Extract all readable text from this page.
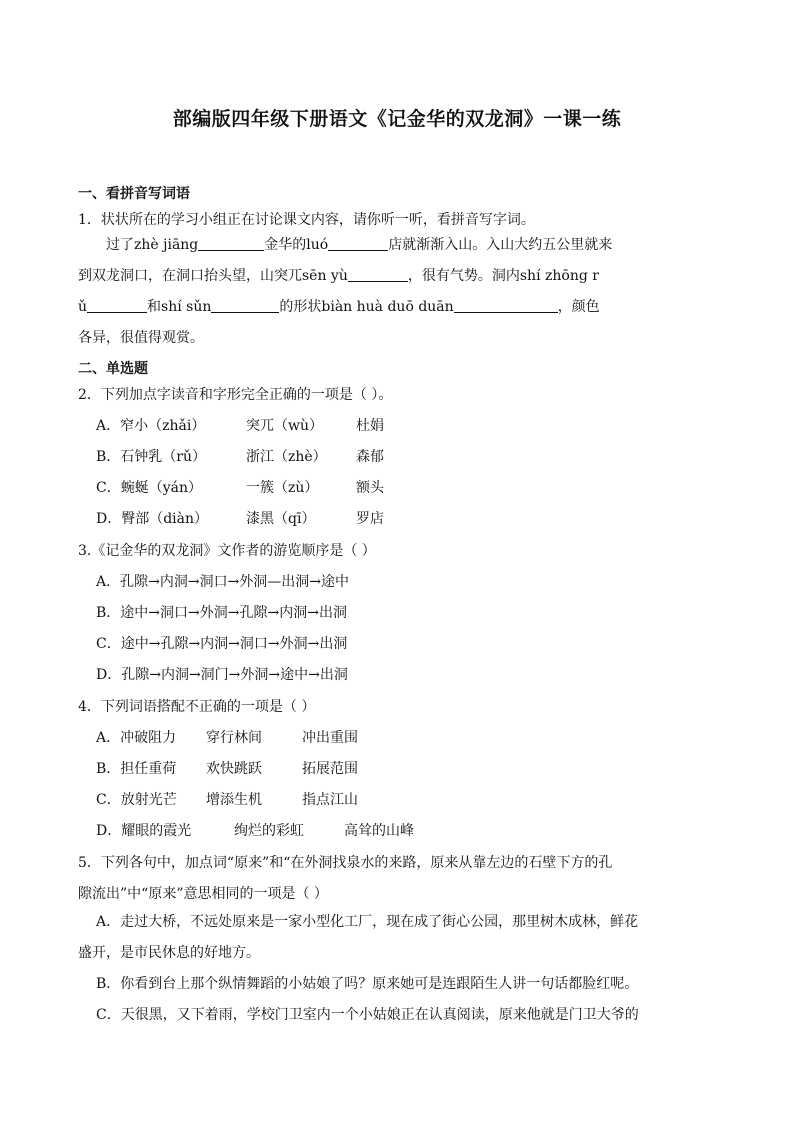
部编版四年级下册语文《记金华的双龙洞》一课一练
一、看拼音写词语
1．状状所在的学习小组正在讨论课文内容，请你听一听，看拼音写字词。
过了zhè jiāng	金华的luó	店就渐渐入山。入山大约五公里就来
到双龙洞口，在洞口抬头望，山突兀sēn yù	，很有气势。洞内shí zhōng r
ǔ	和shí sǔn	的形状biàn huà duō duān	，颜色
各异，很值得观赏。
二、单选题
2．下列加点字读音和字形完全正确的一项是（ ）。
A．窄小（zhǎi）	突兀（wù） 杜娟
B．石钟乳（rǔ）	浙江（zhè） 森郁
C．蜿蜒（yán）	一簇（zù）	额头
D．臀部（diàn）	漆黑（qī）	罗店
3.《记金华的双龙洞》文作者的游览顺序是（ ）
A．孔隙→内洞→洞口→外洞—出洞→途中
B．途中→洞口→外洞→孔隙→内洞→出洞
C．途中→孔隙→内洞→洞口→外洞→出洞
D．孔隙→内洞→洞门→外洞→途中→出洞
4．下列词语搭配不正确的一项是（ ）
A．冲破阻力 穿行林间	冲出重围
B．担任重荷 欢快跳跃	拓展范围
C．放射光芒 增添生机	指点江山
D．耀眼的霞光	绚烂的彩虹	高耸的山峰
5．下列各句中，加点词“原来”和“在外洞找泉水的来路，原来从靠左边的石壁下方的孔
隙流出”中“原来”意思相同的一项是（ ）
A．走过大桥，不远处原来是一家小型化工厂，现在成了街心公园，那里树木成林，鲜花
盛开，是市民休息的好地方。
B．你看到台上那个纵情舞蹈的小姑娘了吗？原来她可是连跟陌生人讲一句话都脸红呢。
C．天很黑，又下着雨，学校门卫室内一个小姑娘正在认真阅读，原来他就是门卫大爷的
